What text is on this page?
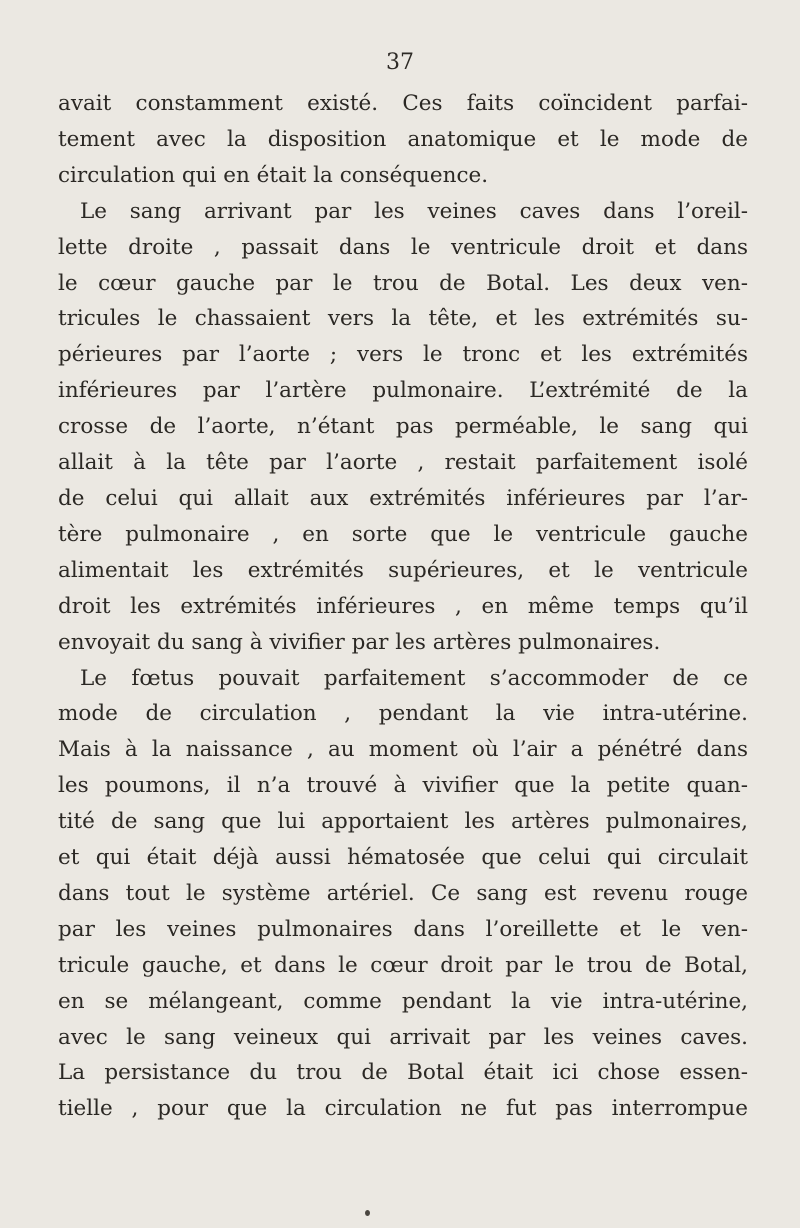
37
avait constamment existé. Ces faits coïncident parfai-
tement avec la disposition anatomique et le mode de
circulation qui en était la conséquence.
Le sang arrivant par les veines caves dans l’oreil-
lette droite , passait dans le ventricule droit et dans
le cœur gauche par le trou de Botal. Les deux ven-
tricules le chassaient vers la tête, et les extrémités su-
périeures par l’aorte ; vers le tronc et les extrémités
inférieures par l’artère pulmonaire. L’extrémité de la
crosse de l’aorte, n’étant pas perméable, le sang qui
allait à la tête par l’aorte , restait parfaitement isolé
de celui qui allait aux extrémités inférieures par l’ar-
tère pulmonaire , en sorte que le ventricule gauche
alimentait les extrémités supérieures, et le ventricule
droit les extrémités inférieures , en même temps qu’il
envoyait du sang à vivifier par les artères pulmonaires.
Le fœtus pouvait parfaitement s’accommoder de ce
mode de circulation , pendant la vie intra-utérine.
Mais à la naissance , au moment où l’air a pénétré dans
les poumons, il n’a trouvé à vivifier que la petite quan-
tité de sang que lui apportaient les artères pulmonaires,
et qui était déjà aussi hématosée que celui qui circulait
dans tout le système artériel. Ce sang est revenu rouge
par les veines pulmonaires dans l’oreillette et le ven-
tricule gauche, et dans le cœur droit par le trou de Botal,
en se mélangeant, comme pendant la vie intra-utérine,
avec le sang veineux qui arrivait par les veines caves.
La persistance du trou de Botal était ici chose essen-
tielle , pour que la circulation ne fut pas interrompue
